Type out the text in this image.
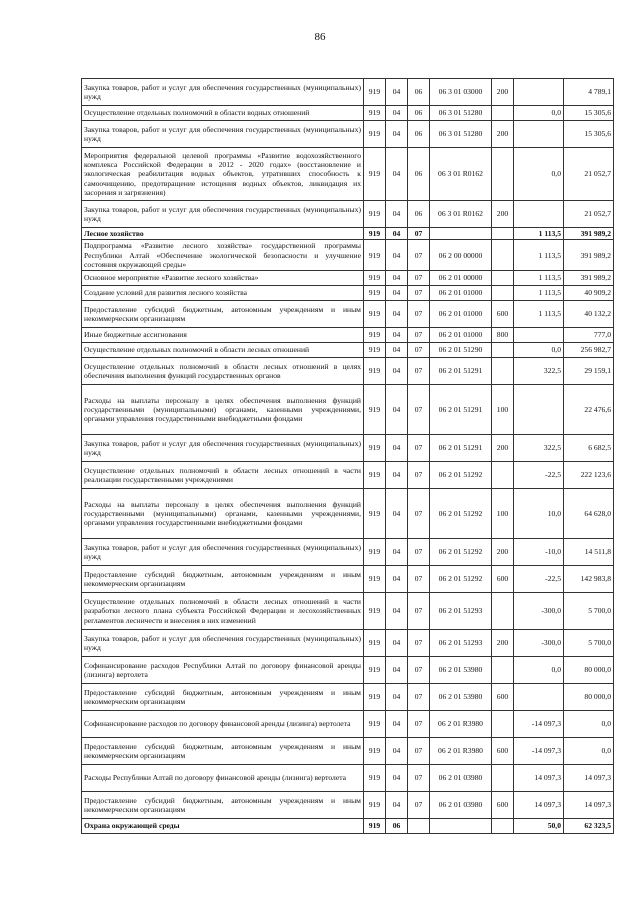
86
Закупка товаров, работ и услуг для обеспечения государственных (муниципальных) нужд	919	04	06	06 3 01 03000	200		4 789,1
Осуществление отдельных полномочий в области водных отношений	919	04	06	06 3 01 51280		0,0	15 305,6
Закупка товаров, работ и услуг для обеспечения государственных (муниципальных) нужд	919	04	06	06 3 01 51280	200		15 305,6
Мероприятия федеральной целевой программы «Развитие водохозяйственного комплекса Российской Федерации в 2012 - 2020 годах» (восстановление и экологическая реабилитация водных объектов, утративших способность к самоочищению, предотвращение истощения водных объектов, ликвидация их засорения и загрязнения)	919	04	06	06 3 01 R0162		0,0	21 052,7
Закупка товаров, работ и услуг для обеспечения государственных (муниципальных) нужд	919	04	06	06 3 01 R0162	200		21 052,7
Лесное хозяйство	919	04	07			1 113,5	391 989,2
Подпрограмма «Развитие лесного хозяйства» государственной программы Республики Алтай «Обеспечение экологической безопасности и улучшение состояния окружающей среды»	919	04	07	06 2 00 00000		1 113,5	391 989,2
Основное мероприятие «Развитие лесного хозяйства»	919	04	07	06 2 01 00000		1 113,5	391 989,2
Создание условий для развития лесного хозяйства	919	04	07	06 2 01 01000		1 113,5	40 909,2
Предоставление субсидий бюджетным, автономным учреждениям и иным некоммерческим организациям	919	04	07	06 2 01 01000	600	1 113,5	40 132,2
Иные бюджетные ассигнования	919	04	07	06 2 01 01000	800		777,0
Осуществление отдельных полномочий в области лесных отношений	919	04	07	06 2 01 51290		0,0	256 982,7
Осуществление отдельных полномочий в области лесных отношений в целях обеспечения выполнения функций государственных органов	919	04	07	06 2 01 51291		322,5	29 159,1
Расходы на выплаты персоналу в целях обеспечения выполнения функций государственными (муниципальными) органами, казенными учреждениями, органами управления государственными внебюджетными фондами	919	04	07	06 2 01 51291	100		22 476,6
Закупка товаров, работ и услуг для обеспечения государственных (муниципальных) нужд	919	04	07	06 2 01 51291	200	322,5	6 682,5
Осуществление отдельных полномочий в области лесных отношений в части реализации государственными учреждениями	919	04	07	06 2 01 51292		-22,5	222 123,6
Расходы на выплаты персоналу в целях обеспечения выполнения функций государственными (муниципальными) органами, казенными учреждениями, органами управления государственными внебюджетными фондами	919	04	07	06 2 01 51292	100	10,0	64 628,0
Закупка товаров, работ и услуг для обеспечения государственных (муниципальных) нужд	919	04	07	06 2 01 51292	200	-10,0	14 511,8
Предоставление субсидий бюджетным, автономным учреждениям и иным некоммерческим организациям	919	04	07	06 2 01 51292	600	-22,5	142 983,8
Осуществление отдельных полномочий в области лесных отношений в части разработки лесного плана субъекта Российской Федерации и лесохозяйственных регламентов лесничеств и внесения в них изменений	919	04	07	06 2 01 51293		-300,0	5 700,0
Закупка товаров, работ и услуг для обеспечения государственных (муниципальных) нужд	919	04	07	06 2 01 51293	200	-300,0	5 700,0
Софинансирование расходов Республики Алтай по договору финансовой аренды (лизинга) вертолета	919	04	07	06 2 01 53980		0,0	80 000,0
Предоставление субсидий бюджетным, автономным учреждениям и иным некоммерческим организациям	919	04	07	06 2 01 53980	600		80 000,0
Софинансирование расходов по договору финансовой аренды (лизинга) вертолета	919	04	07	06 2 01 R3980		-14 097,3	0,0
Предоставление субсидий бюджетным, автономным учреждениям и иным некоммерческим организациям	919	04	07	06 2 01 R3980	600	-14 097,3	0,0
Расходы Республики Алтай по договору финансовой аренды (лизинга) вертолета	919	04	07	06 2 01 03980		14 097,3	14 097,3
Предоставление субсидий бюджетным, автономным учреждениям и иным некоммерческим организациям	919	04	07	06 2 01 03980	600	14 097,3	14 097,3
Охрана окружающей среды	919	06				50,0	62 323,5
